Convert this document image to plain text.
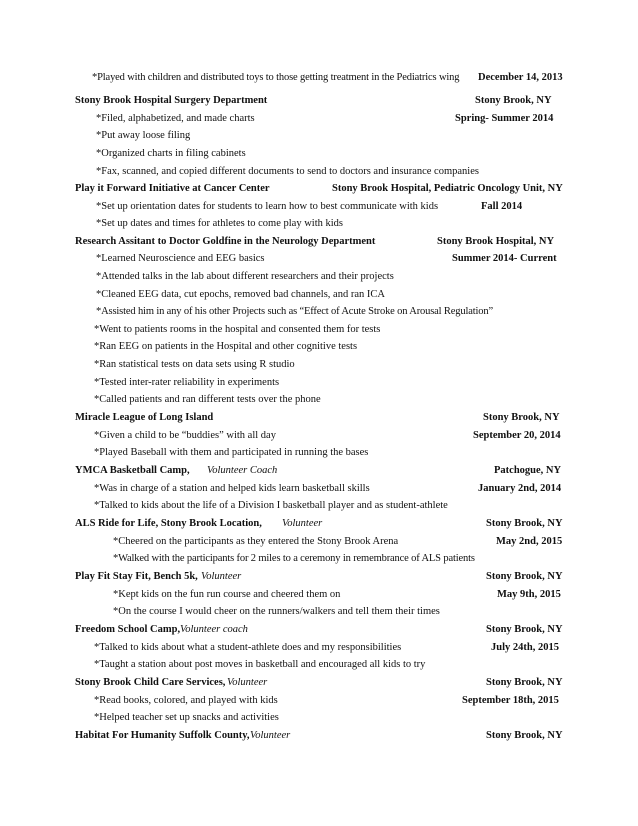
*Played with children and distributed toys to those getting treatment in the Pediatrics wing December 14, 2013
Stony Brook Hospital Surgery Department	Stony Brook, NY
*Filed, alphabetized, and made charts	Spring- Summer 2014
*Put away loose filing
*Organized charts in filing cabinets
*Fax, scanned, and copied different documents to send to doctors and insurance companies
Play it Forward Initiative at Cancer Center	Stony Brook Hospital, Pediatric Oncology Unit, NY
*Set up orientation dates for students to learn how to best communicate with kids	Fall 2014
*Set up dates and times for athletes to come play with kids
Research Assitant to Doctor Goldfine in the Neurology Department	Stony Brook Hospital, NY
*Learned Neuroscience and EEG basics	Summer 2014- Current
*Attended talks in the lab about different researchers and their projects
*Cleaned EEG data, cut epochs, removed bad channels, and ran ICA
*Assisted him in any of his other Projects such as “Effect of Acute Stroke on Arousal Regulation”
*Went to patients rooms in the hospital and consented them for tests
*Ran EEG on patients in the Hospital and other cognitive tests
*Ran statistical tests on data sets using R studio
*Tested inter-rater reliability in experiments
*Called patients and ran different tests over the phone
Miracle League of Long Island	Stony Brook, NY
*Given a child to be “buddies” with all day	September 20, 2014
*Played Baseball with them and participated in running the bases
YMCA Basketball Camp, Volunteer Coach	Patchogue, NY
*Was in charge of a station and helped kids learn basketball skills	January 2nd, 2014
*Talked to kids about the life of a Division I basketball player and as student-athlete
ALS Ride for Life, Stony Brook Location, Volunteer	Stony Brook, NY
*Cheered on the participants as they entered the Stony Brook Arena	May 2nd, 2015
*Walked with the participants for 2 miles to a ceremony in remembrance of ALS patients
Play Fit Stay Fit, Bench 5k, Volunteer	Stony Brook, NY
*Kept kids on the fun run course and cheered them on	May 9th, 2015
*On the course I would cheer on the runners/walkers and tell them their times
Freedom School Camp, Volunteer coach	Stony Brook, NY
*Talked to kids about what a student-athlete does and my responsibilities	July 24th, 2015
*Taught a station about post moves in basketball and encouraged all kids to try
Stony Brook Child Care Services, Volunteer	Stony Brook, NY
*Read books, colored, and played with kids	September 18th, 2015
*Helped teacher set up snacks and activities
Habitat For Humanity Suffolk County, Volunteer	Stony Brook, NY
